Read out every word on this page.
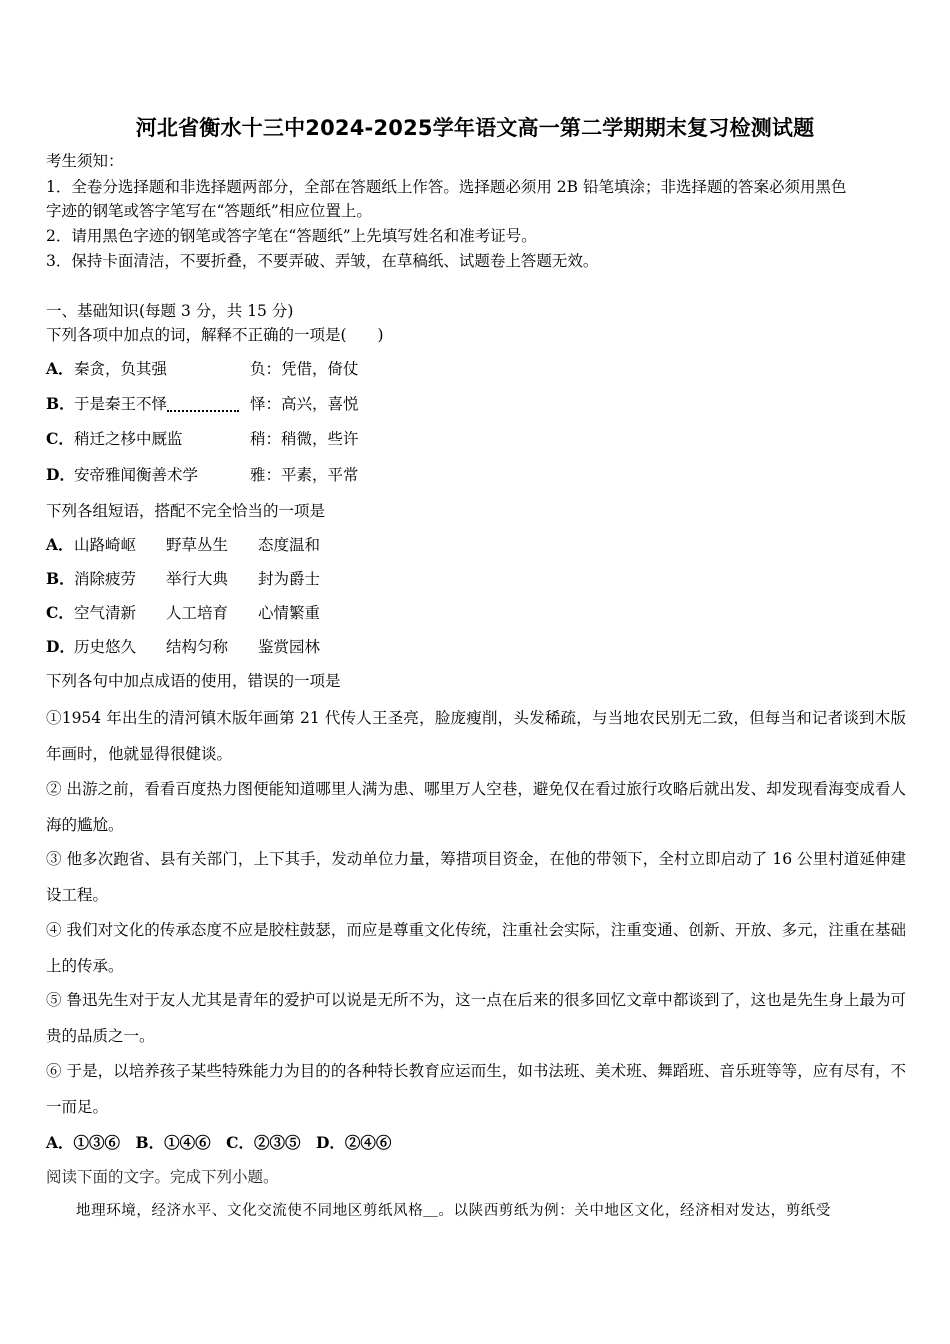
河北省衡水十三中2024-2025学年语文高一第二学期期末复习检测试题
考生须知：
1．全卷分选择题和非选择题两部分，全部在答题纸上作答。选择题必须用 2B 铅笔填涂；非选择题的答案必须用黑色
字迹的钢笔或答字笔写在“答题纸”相应位置上。
2．请用黑色字迹的钢笔或答字笔在“答题纸”上先填写姓名和准考证号。
3．保持卡面清洁，不要折叠，不要弄破、弄皱，在草稿纸、试题卷上答题无效。
一、基础知识(每题 3 分，共 15 分)
下列各项中加点的词，解释不正确的一项是(　　)
A．秦贪，负其强	负：凭借，倚仗
B．于是秦王不怿	怿：高兴，喜悦
C．稍迁之栘中厩监	稍：稍微，些许
D．安帝雅闻衡善术学	雅：平素，平常
下列各组短语，搭配不完全恰当的一项是
A．山路崎岖 野草丛生 态度温和
B．消除疲劳 举行大典 封为爵士
C．空气清新 人工培育 心情繁重
D．历史悠久 结构匀称 鉴赏园林
下列各句中加点成语的使用，错误的一项是
①1954 年出生的清河镇木版年画第 21 代传人王圣亮，脸庞瘦削，头发稀疏，与当地农民别无二致，但每当和记者谈到木版年画时，他就显得很健谈。
② 出游之前，看看百度热力图便能知道哪里人满为患、哪里万人空巷，避免仅在看过旅行攻略后就出发、却发现看海变成看人海的尴尬。
③ 他多次跑省、县有关部门，上下其手，发动单位力量，筹措项目资金，在他的带领下，全村立即启动了 16 公里村道延伸建设工程。
④ 我们对文化的传承态度不应是胶柱鼓瑟，而应是尊重文化传统，注重社会实际，注重变通、创新、开放、多元，注重在基础上的传承。
⑤ 鲁迅先生对于友人尤其是青年的爱护可以说是无所不为，这一点在后来的很多回忆文章中都谈到了，这也是先生身上最为可贵的品质之一。
⑥ 于是，以培养孩子某些特殊能力为目的的各种特长教育应运而生，如书法班、美术班、舞蹈班、音乐班等等，应有尽有，不一而足。
A．①③⑥　B．①④⑥　C．②③⑤　D．②④⑥
阅读下面的文字。完成下列小题。
地理环境，经济水平、文化交流使不同地区剪纸风格＿。以陕西剪纸为例：关中地区文化，经济相对发达，剪纸受
